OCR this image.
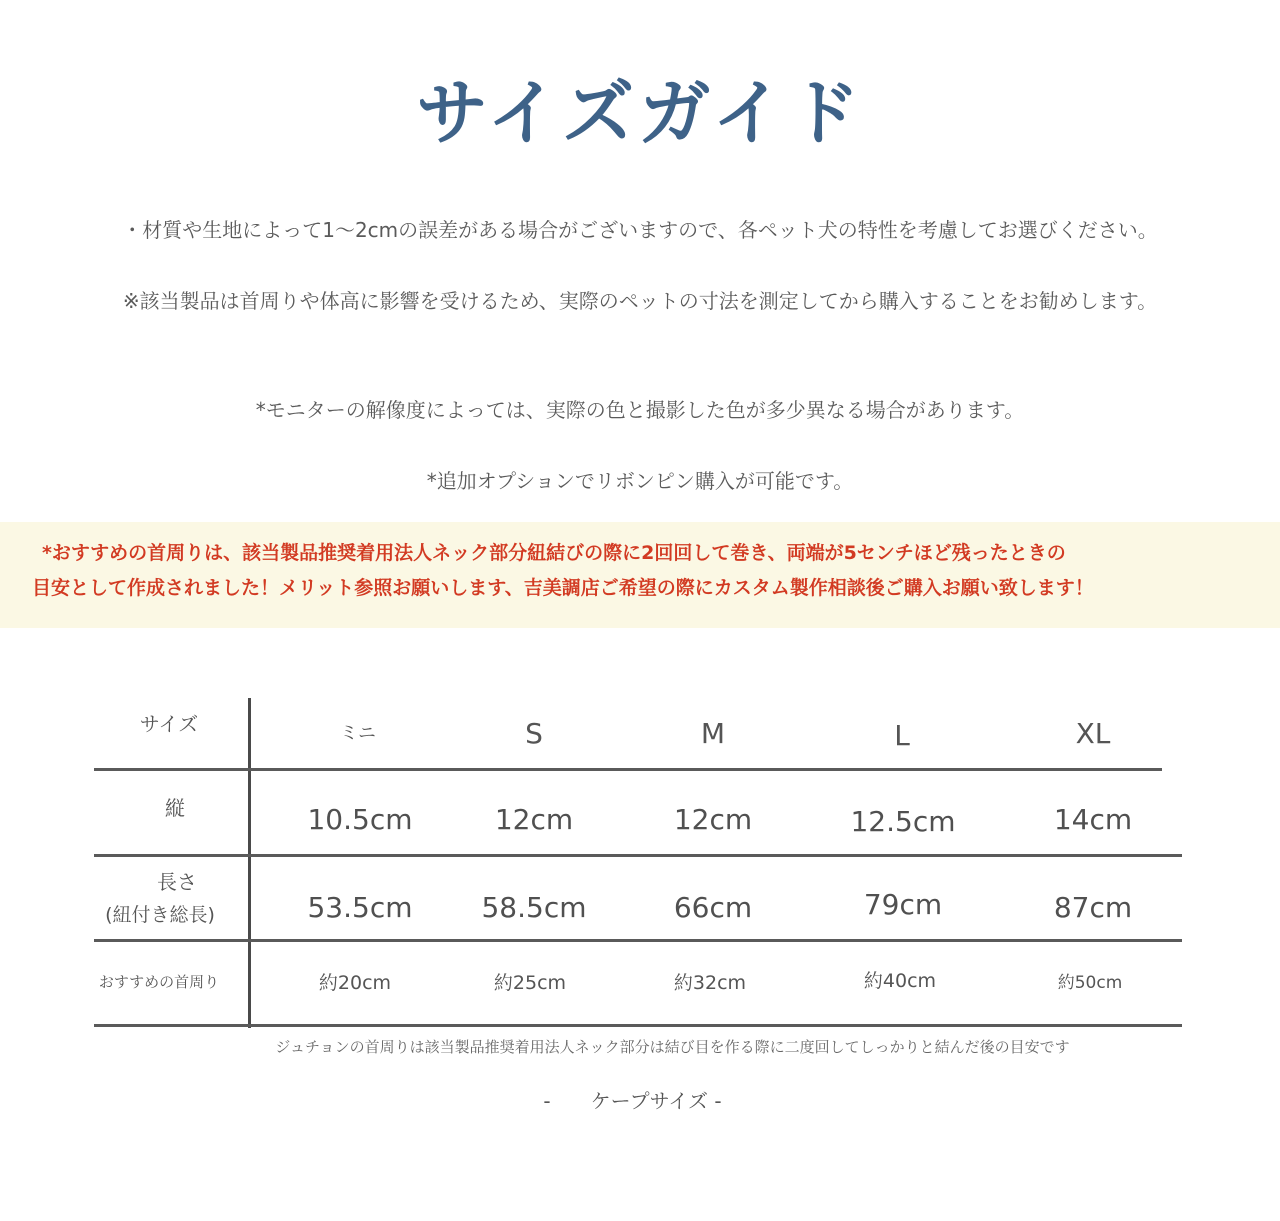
サイズガイド
・材質や生地によって1～2cmの誤差がある場合がございますので、各ペット犬の特性を考慮してお選びください。
※該当製品は首周りや体高に影響を受けるため、実際のペットの寸法を測定してから購入することをお勧めします。
*モニターの解像度によっては、実際の色と撮影した色が多少異なる場合があります。
*追加オプションでリボンピン購入が可能です。
*おすすめの首周りは、該当製品推奨着用法人ネック部分紐結びの際に2回回して巻き、両端が5センチほど残ったときの
目安として作成されました！メリット参照お願いします、吉美調店ご希望の際にカスタム製作相談後ご購入お願い致します！
サイズ	ミニ	S	M	L	XL
縦	10.5cm	12cm	12cm	12.5cm	14cm
長さ
(紐付き総長)	53.5cm	58.5cm	66cm	79cm	87cm
おすすめの首周り	約20cm	約25cm	約32cm	約40cm	約50cm
ジュチョンの首周りは該当製品推奨着用法人ネック部分は結び目を作る際に二度回してしっかりと結んだ後の目安です
-　　ケープサイズ -
